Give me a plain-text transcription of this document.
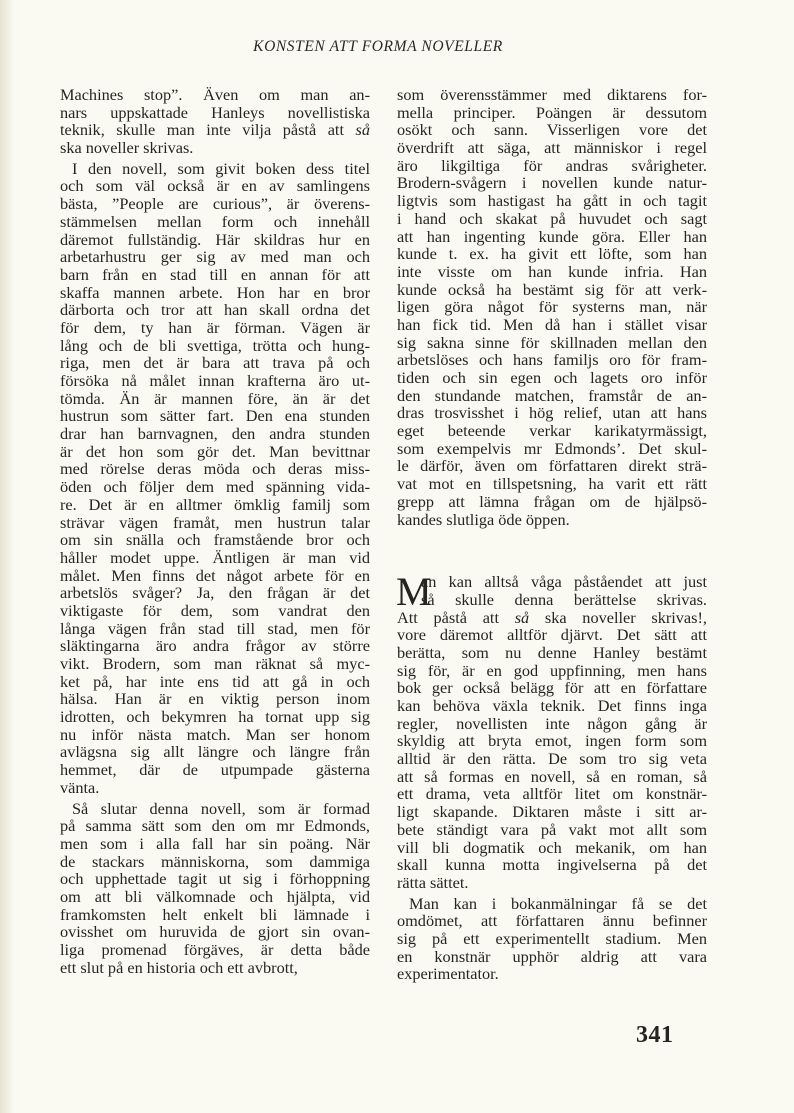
KONSTEN ATT FORMA NOVELLER
Machines stop”. Även om man an-
nars uppskattade Hanleys novellistiska
teknik, skulle man inte vilja påstå att så
ska noveller skrivas.
I den novell, som givit boken dess titel
och som väl också är en av samlingens
bästa, ”People are curious”, är överens-
stämmelsen mellan form och innehåll
däremot fullständig. Här skildras hur en
arbetarhustru ger sig av med man och
barn från en stad till en annan för att
skaffa mannen arbete. Hon har en bror
därborta och tror att han skall ordna det
för dem, ty han är förman. Vägen är
lång och de bli svettiga, trötta och hung-
riga, men det är bara att trava på och
försöka nå målet innan krafterna äro ut-
tömda. Än är mannen före, än är det
hustrun som sätter fart. Den ena stunden
drar han barnvagnen, den andra stunden
är det hon som gör det. Man bevittnar
med rörelse deras möda och deras miss-
öden och följer dem med spänning vida-
re. Det är en alltmer ömklig familj som
strävar vägen framåt, men hustrun talar
om sin snälla och framstående bror och
håller modet uppe. Äntligen är man vid
målet. Men finns det något arbete för en
arbetslös svåger? Ja, den frågan är det
viktigaste för dem, som vandrat den
långa vägen från stad till stad, men för
släktingarna äro andra frågor av större
vikt. Brodern, som man räknat så myc-
ket på, har inte ens tid att gå in och
hälsa. Han är en viktig person inom
idrotten, och bekymren ha tornat upp sig
nu inför nästa match. Man ser honom
avlägsna sig allt längre och längre från
hemmet, där de utpumpade gästerna
vänta.
Så slutar denna novell, som är formad
på samma sätt som den om mr Edmonds,
men som i alla fall har sin poäng. När
de stackars människorna, som dammiga
och upphettade tagit ut sig i förhoppning
om att bli välkomnade och hjälpta, vid
framkomsten helt enkelt bli lämnade i
ovisshet om huruvida de gjort sin ovan-
liga promenad förgäves, är detta både
ett slut på en historia och ett avbrott,
som överensstämmer med diktarens for-
mella principer. Poängen är dessutom
osökt och sann. Visserligen vore det
överdrift att säga, att människor i regel
äro likgiltiga för andras svårigheter.
Brodern-svågern i novellen kunde natur-
ligtvis som hastigast ha gått in och tagit
i hand och skakat på huvudet och sagt
att han ingenting kunde göra. Eller han
kunde t. ex. ha givit ett löfte, som han
inte visste om han kunde infria. Han
kunde också ha bestämt sig för att verk-
ligen göra något för systerns man, när
han fick tid. Men då han i stället visar
sig sakna sinne för skillnaden mellan den
arbetslöses och hans familjs oro för fram-
tiden och sin egen och lagets oro inför
den stundande matchen, framstår de an-
dras trosvisshet i hög relief, utan att hans
eget beteende verkar karikatyrmässigt,
som exempelvis mr Edmonds’. Det skul-
le därför, även om författaren direkt strä-
vat mot en tillspetsning, ha varit ett rätt
grepp att lämna frågan om de hjälpsö-
kandes slutliga öde öppen.
M
an kan alltså våga påståendet att just
så skulle denna berättelse skrivas.
Att påstå att så ska noveller skrivas!,
vore däremot alltför djärvt. Det sätt att
berätta, som nu denne Hanley bestämt
sig för, är en god uppfinning, men hans
bok ger också belägg för att en författare
kan behöva växla teknik. Det finns inga
regler, novellisten inte någon gång är
skyldig att bryta emot, ingen form som
alltid är den rätta. De som tro sig veta
att så formas en novell, så en roman, så
ett drama, veta alltför litet om konstnär-
ligt skapande. Diktaren måste i sitt ar-
bete ständigt vara på vakt mot allt som
vill bli dogmatik och mekanik, om han
skall kunna motta ingivelserna på det
rätta sättet.
Man kan i bokanmälningar få se det
omdömet, att författaren ännu befinner
sig på ett experimentellt stadium. Men
en konstnär upphör aldrig att vara
experimentator.
341
